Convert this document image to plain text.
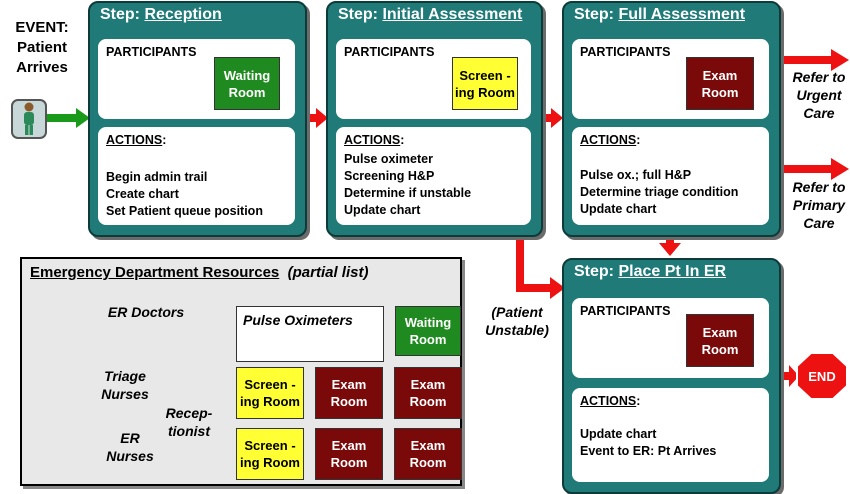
EVENT:
Patient
Arrives
Step: Reception
PARTICIPANTS
ACTIONS:
Begin admin trail
Create chart
Set Patient queue position
Waiting Room
Step: Initial Assessment
PARTICIPANTS
ACTIONS:
Pulse oximeter
Screening H&P
Determine if unstable
Update chart
Screen -ing Room
Step: Full Assessment
PARTICIPANTS
ACTIONS:
Pulse ox.; full H&P
Determine triage condition
Update chart
Exam Room
Step: Place Pt In ER
PARTICIPANTS
ACTIONS:
Update chart
Event to ER: Pt Arrives
Exam Room
Refer to Urgent Care
Refer to Primary Care
(Patient Unstable)
END
Emergency Department Resources (partial list)
ER Doctors
Triage Nurses
ER Nurses
Recep- tionist
Pulse Oximeters	Waiting Room
Screen -ing Room
Exam Room
Exam Room
Screen -ing Room
Exam Room
Exam Room
